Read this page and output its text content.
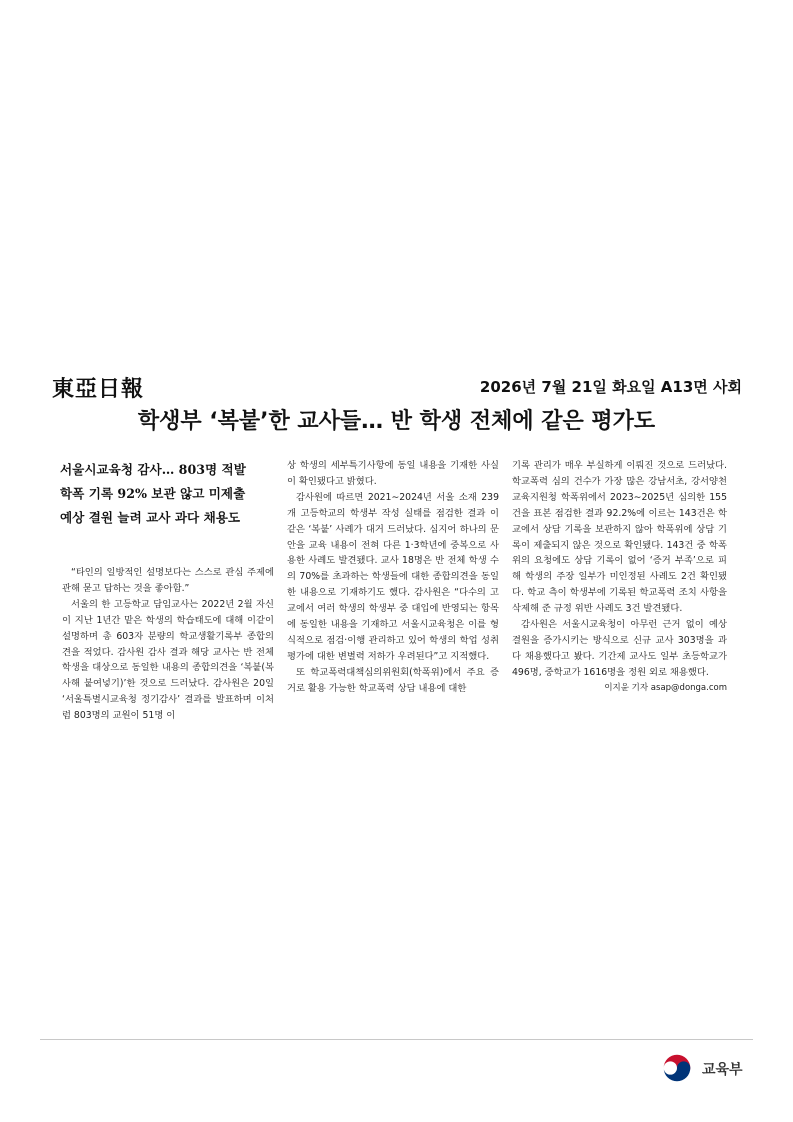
東亞日報	2026년 7월 21일 화요일 A13면 사회
학생부 ‘복붙’한 교사들… 반 학생 전체에 같은 평가도
서울시교육청 감사… 803명 적발
학폭 기록 92% 보관 않고 미제출
예상 결원 늘려 교사 과다 채용도

“타인의 일방적인 설명보다는 스스로 관심 주제에 관해 묻고 답하는 것을 좋아함.”

서울의 한 고등학교 담임교사는 2022년 2월 자신이 지난 1년간 맡은 학생의 학습태도에 대해 이같이 설명하며 총 603자 분량의 학교생활기록부 종합의견을 적었다. 감사원 감사 결과 해당 교사는 반 전체 학생을 대상으로 동일한 내용의 종합의견을 ‘복붙(복사해 붙여넣기)’한 것으로 드러났다. 감사원은 20일 ‘서울특별시교육청 정기감사’ 결과를 발표하며 이처럼 803명의 교원이 51명 이

상 학생의 세부특기사항에 동일 내용을 기재한 사실이 확인됐다고 밝혔다.

감사원에 따르면 2021∼2024년 서울 소재 239개 고등학교의 학생부 작성 실태를 점검한 결과 이 같은 ‘복붙’ 사례가 대거 드러났다. 심지어 하나의 문안을 교육 내용이 전혀 다른 1·3학년에 중복으로 사용한 사례도 발견됐다. 교사 18명은 반 전체 학생 수의 70%를 초과하는 학생들에 대한 종합의견을 동일한 내용으로 기재하기도 했다. 감사원은 “다수의 고교에서 여러 학생의 학생부 중 대입에 반영되는 항목에 동일한 내용을 기재하고 서울시교육청은 이를 형식적으로 점검·이행 관리하고 있어 학생의 학업 성취평가에 대한 변별력 저하가 우려된다”고 지적했다.

또 학교폭력대책심의위원회(학폭위)에서 주요 증거로 활용 가능한 학교폭력 상담 내용에 대한

기록 관리가 매우 부실하게 이뤄진 것으로 드러났다. 학교폭력 심의 건수가 가장 많은 강남서초, 강서양천 교육지원청 학폭위에서 2023∼2025년 심의한 155건을 표본 점검한 결과 92.2%에 이르는 143건은 학교에서 상담 기록을 보관하지 않아 학폭위에 상담 기록이 제출되지 않은 것으로 확인됐다. 143건 중 학폭위의 요청에도 상담 기록이 없어 ‘증거 부족’으로 피해 학생의 주장 일부가 미인정된 사례도 2건 확인됐다. 학교 측이 학생부에 기록된 학교폭력 조치 사항을 삭제해 준 규정 위반 사례도 3건 발견됐다.

감사원은 서울시교육청이 아무런 근거 없이 예상 결원을 증가시키는 방식으로 신규 교사 303명을 과다 채용했다고 봤다. 기간제 교사도 일부 초등학교가 496명, 중학교가 1616명을 정원 외로 채용했다.
이지윤 기자 asap@donga.com

교육부
